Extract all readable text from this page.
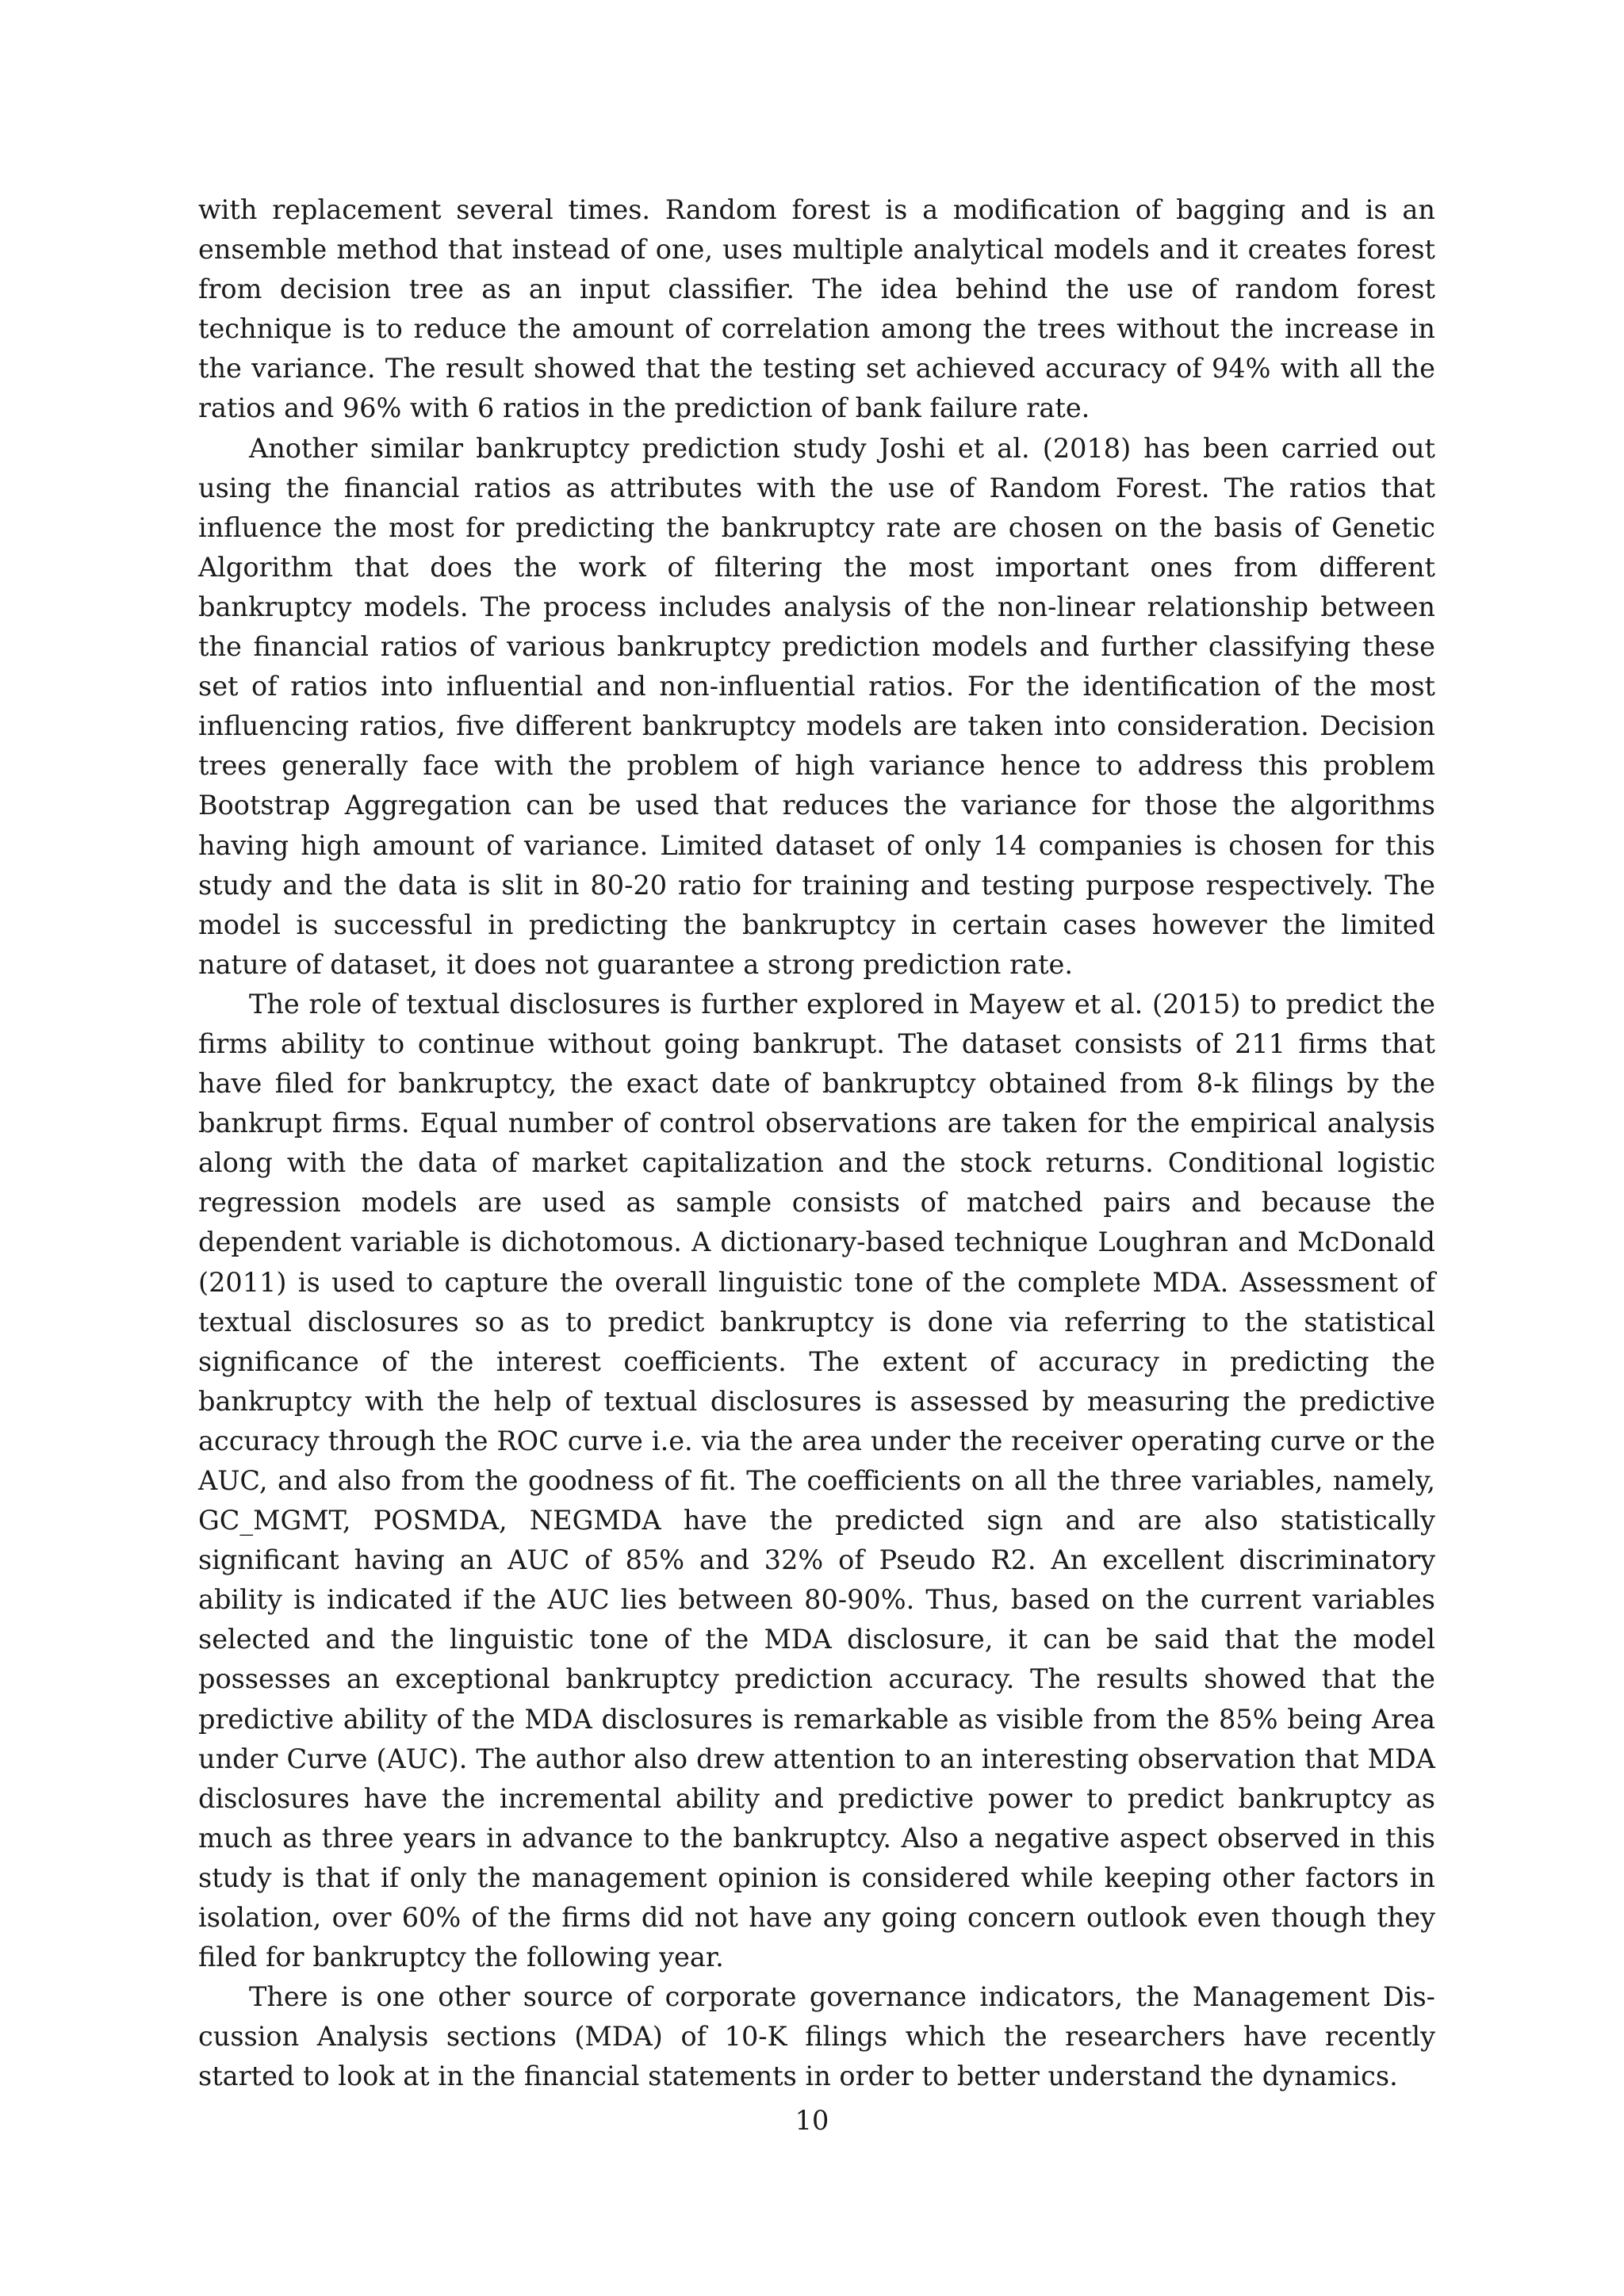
with replacement several times. Random forest is a modification of bagging and is an ensemble method that instead of one, uses multiple analytical models and it creates forest from decision tree as an input classifier. The idea behind the use of random forest technique is to reduce the amount of correlation among the trees without the increase in the variance. The result showed that the testing set achieved accuracy of 94% with all the ratios and 96% with 6 ratios in the prediction of bank failure rate.

Another similar bankruptcy prediction study Joshi et al. (2018) has been carried out using the financial ratios as attributes with the use of Random Forest. The ratios that influence the most for predicting the bankruptcy rate are chosen on the basis of Genetic Algorithm that does the work of filtering the most important ones from different bankruptcy models. The process includes analysis of the non-linear relationship between the financial ratios of various bankruptcy prediction models and further classifying these set of ratios into influential and non-influential ratios. For the identification of the most influencing ratios, five different bankruptcy models are taken into consideration. Decision trees generally face with the problem of high variance hence to address this problem Bootstrap Aggregation can be used that reduces the variance for those the algorithms having high amount of variance. Limited dataset of only 14 companies is chosen for this study and the data is slit in 80-20 ratio for training and testing purpose respectively. The model is successful in predicting the bankruptcy in certain cases however the limited nature of dataset, it does not guarantee a strong prediction rate.

The role of textual disclosures is further explored in Mayew et al. (2015) to predict the firms ability to continue without going bankrupt. The dataset consists of 211 firms that have filed for bankruptcy, the exact date of bankruptcy obtained from 8-k filings by the bankrupt firms. Equal number of control observations are taken for the empirical analysis along with the data of market capitalization and the stock returns. Conditional logistic regression models are used as sample consists of matched pairs and because the dependent variable is dichotomous. A dictionary-based technique Loughran and McDonald (2011) is used to capture the overall linguistic tone of the complete MDA. Assessment of textual disclosures so as to predict bankruptcy is done via referring to the statistical significance of the interest coefficients. The extent of accuracy in predicting the bankruptcy with the help of textual disclosures is assessed by measuring the predictive accuracy through the ROC curve i.e. via the area under the receiver operating curve or the AUC, and also from the goodness of fit. The coefficients on all the three variables, namely, GC_MGMT, POSMDA, NEGMDA have the predicted sign and are also statistically significant having an AUC of 85% and 32% of Pseudo R2. An excellent discriminatory ability is indicated if the AUC lies between 80-90%. Thus, based on the current variables selected and the linguistic tone of the MDA disclosure, it can be said that the model possesses an exceptional bankruptcy prediction accuracy. The results showed that the predictive ability of the MDA disclosures is remarkable as visible from the 85% being Area under Curve (AUC). The author also drew attention to an interesting observation that MDA disclosures have the incremental ability and predictive power to predict bankruptcy as much as three years in advance to the bankruptcy. Also a negative aspect observed in this study is that if only the management opinion is considered while keeping other factors in isolation, over 60% of the firms did not have any going concern outlook even though they filed for bankruptcy the following year.

There is one other source of corporate governance indicators, the Management Discussion Analysis sections (MDA) of 10-K filings which the researchers have recently started to look at in the financial statements in order to better understand the dynamics.

10
